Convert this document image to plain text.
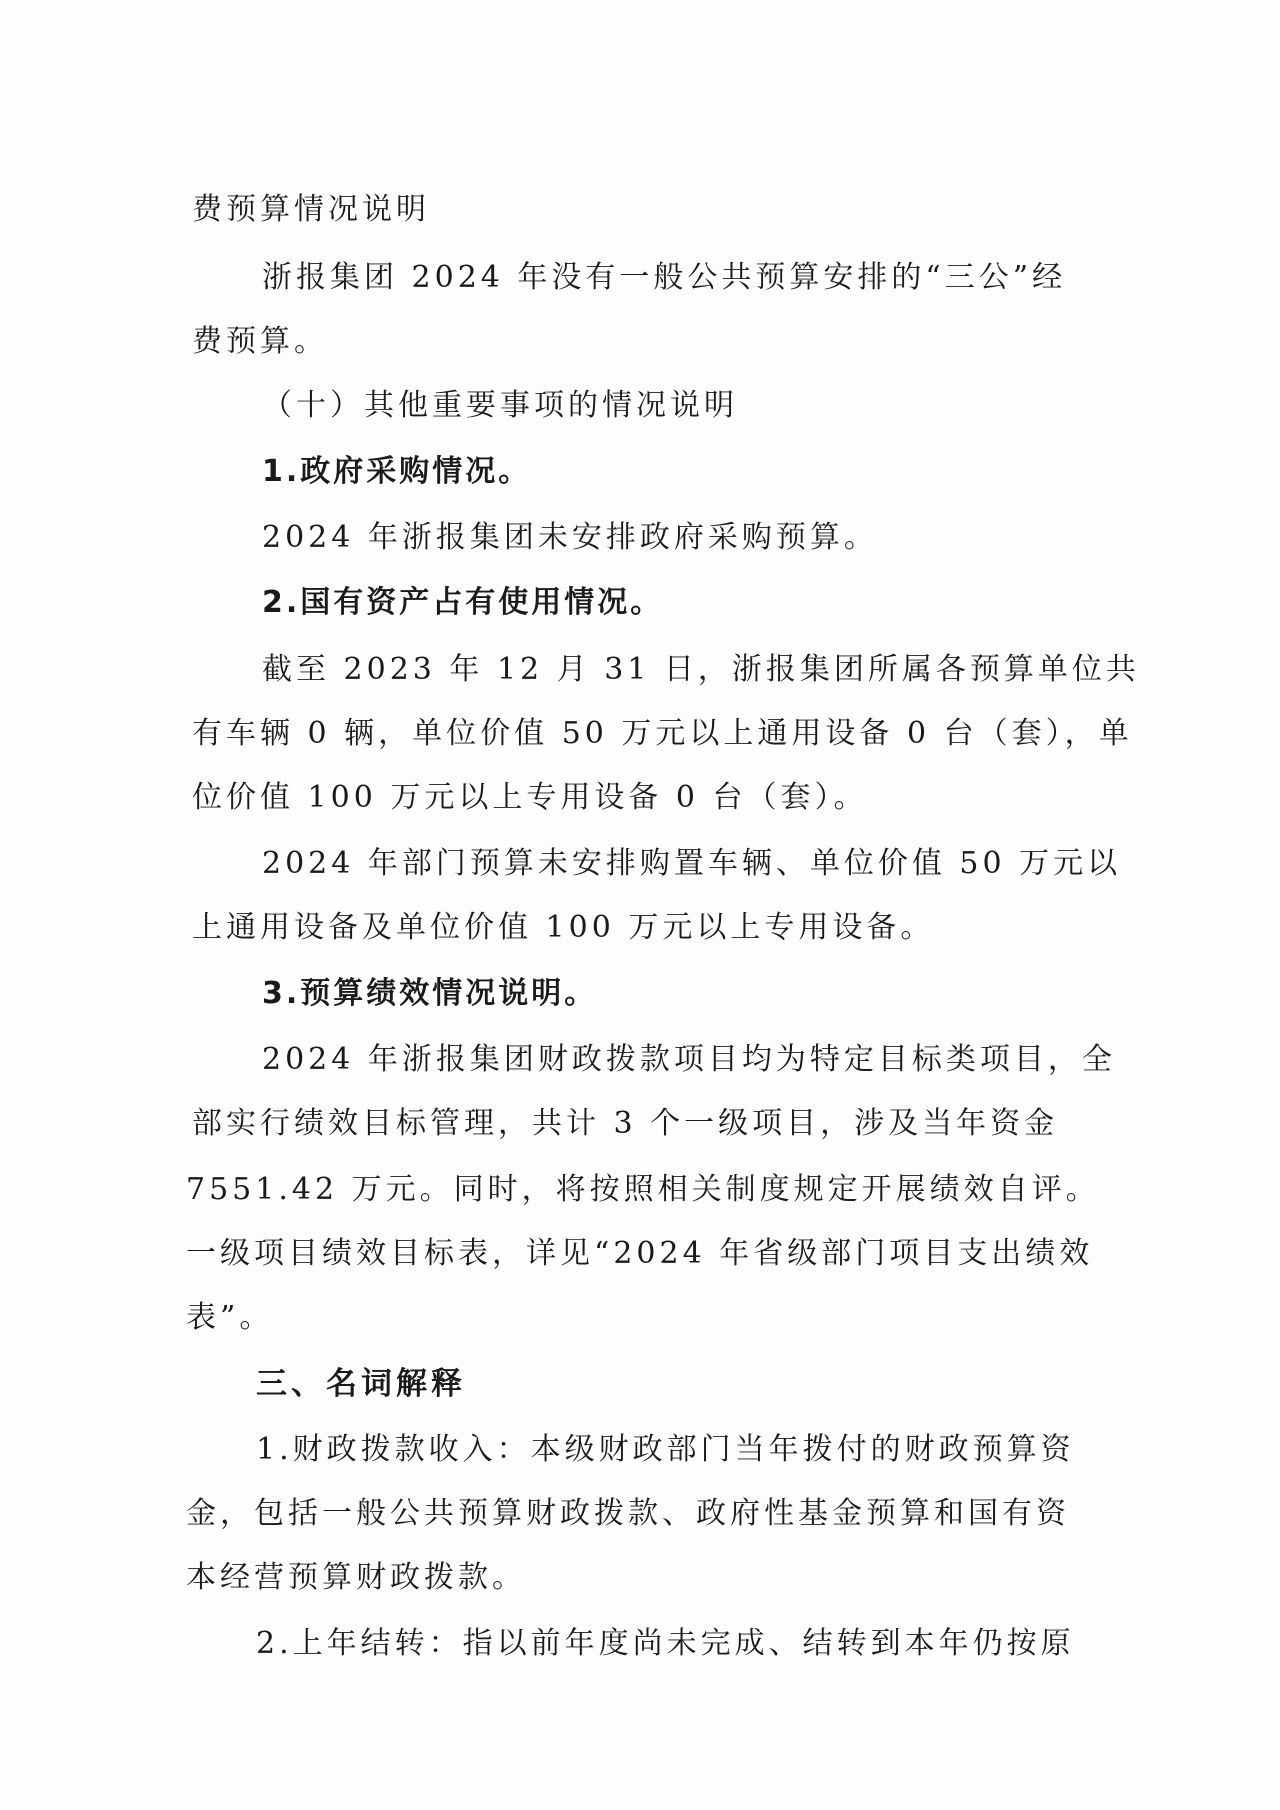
费预算情况说明
浙报集团 2024 年没有一般公共预算安排的“三公”经
费预算。
（十）其他重要事项的情况说明
1.政府采购情况。
2024 年浙报集团未安排政府采购预算。
2.国有资产占有使用情况。
截至 2023 年 12 月 31 日，浙报集团所属各预算单位共
有车辆 0 辆，单位价值 50 万元以上通用设备 0 台（套），单
位价值 100 万元以上专用设备 0 台（套）。
2024 年部门预算未安排购置车辆、单位价值 50 万元以
上通用设备及单位价值 100 万元以上专用设备。
3.预算绩效情况说明。
2024 年浙报集团财政拨款项目均为特定目标类项目，全
部实行绩效目标管理，共计 3 个一级项目，涉及当年资金
7551.42 万元。同时，将按照相关制度规定开展绩效自评。
一级项目绩效目标表，详见“2024 年省级部门项目支出绩效
表”。
三、名词解释
1.财政拨款收入：本级财政部门当年拨付的财政预算资
金，包括一般公共预算财政拨款、政府性基金预算和国有资
本经营预算财政拨款。
2.上年结转：指以前年度尚未完成、结转到本年仍按原
